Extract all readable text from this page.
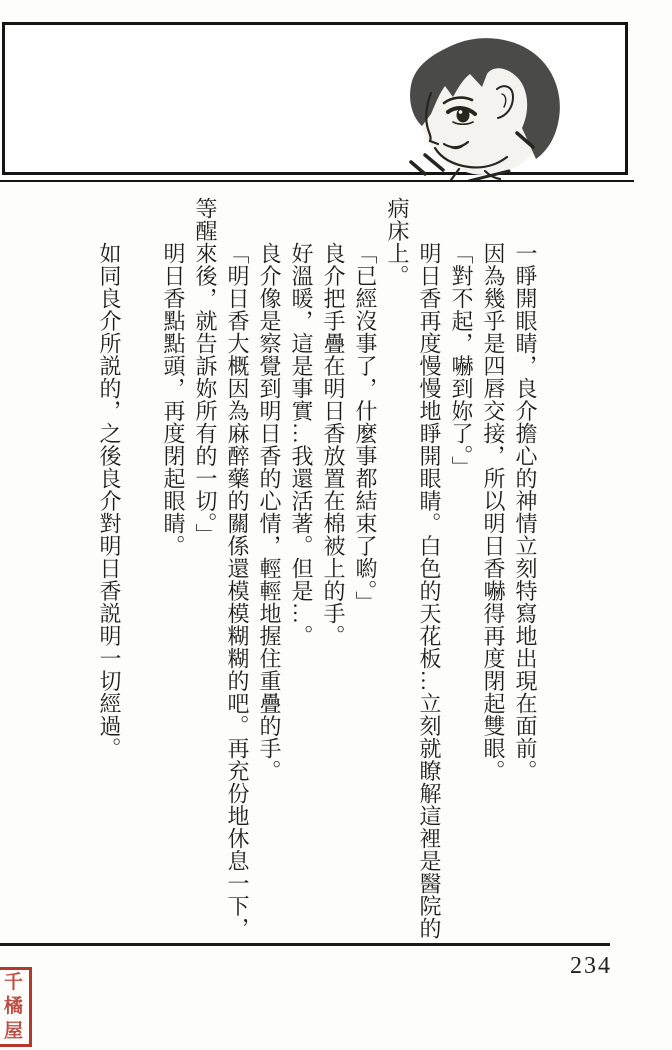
一睜開眼睛，良介擔心的神情立刻特寫地出現在面前。

因為幾乎是四唇交接，所以明日香嚇得再度閉起雙眼。

「對不起，嚇到妳了。」

明日香再度慢慢地睜開眼睛。白色的天花板…立刻就瞭解這裡是醫院的病床上。

「已經沒事了，什麼事都結束了喲。」

良介把手疊在明日香放置在棉被上的手。

好溫暖，這是事實…我還活著。但是…。

良介像是察覺到明日香的心情，輕輕地握住重疊的手。

「明日香大概因為麻醉藥的關係還模模糊糊的吧。再充份地休息一下，等醒來後，就告訴妳所有的一切。」

明日香點點頭，再度閉起眼睛。

如同良介所説的，之後良介對明日香説明一切經過。

234
千
橘
屋
